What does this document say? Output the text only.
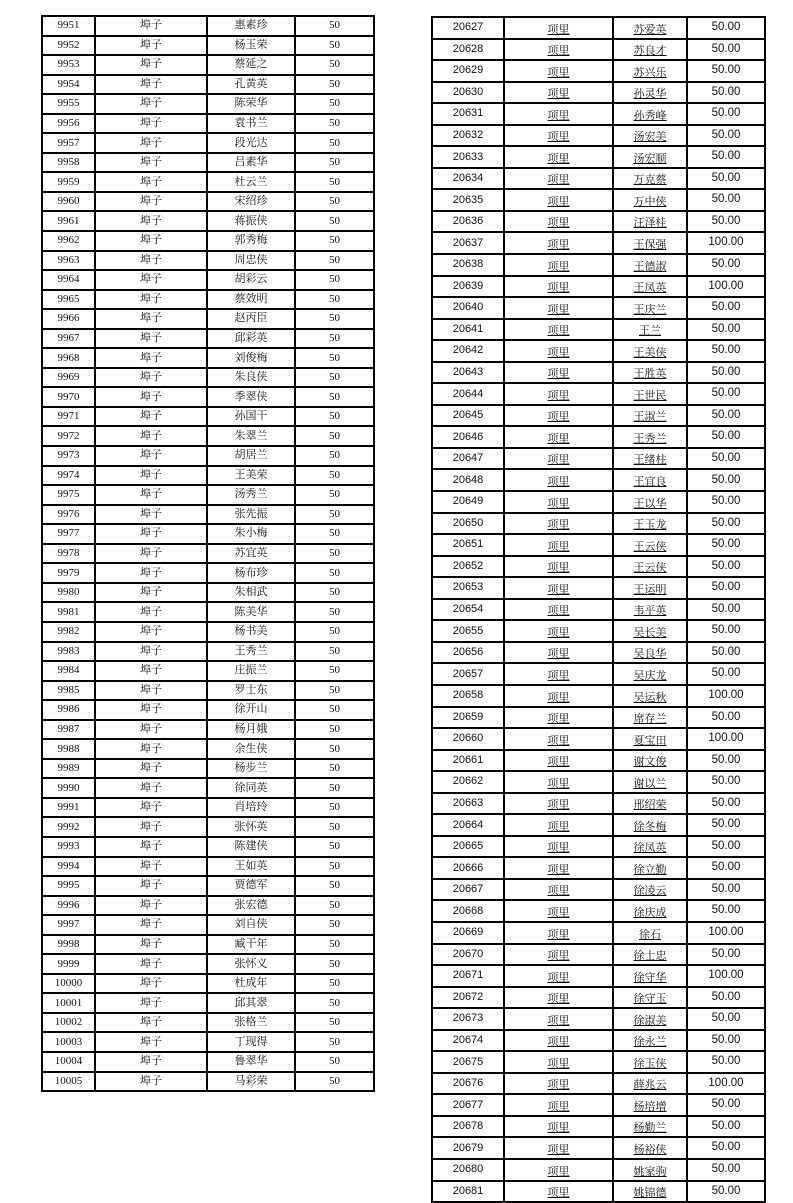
9951	埠子	惠素珍	50
9952	埠子	杨玉荣	50
9953	埠子	蔡延之	50
9954	埠子	孔黄英	50
9955	埠子	陈荣华	50
9956	埠子	袁书兰	50
9957	埠子	段光达	50
9958	埠子	吕素华	50
9959	埠子	杜云兰	50
9960	埠子	宋绍珍	50
9961	埠子	蒋振侠	50
9962	埠子	郭秀梅	50
9963	埠子	周忠侠	50
9964	埠子	胡彩云	50
9965	埠子	蔡效明	50
9966	埠子	赵丙臣	50
9967	埠子	邱彩英	50
9968	埠子	刘俊梅	50
9969	埠子	朱良侠	50
9970	埠子	季翠侠	50
9971	埠子	孙国干	50
9972	埠子	朱翠兰	50
9973	埠子	胡居兰	50
9974	埠子	王美荣	50
9975	埠子	汤秀兰	50
9976	埠子	张先振	50
9977	埠子	朱小梅	50
9978	埠子	苏宜英	50
9979	埠子	杨布珍	50
9980	埠子	朱相武	50
9981	埠子	陈美华	50
9982	埠子	杨书美	50
9983	埠子	王秀兰	50
9984	埠子	庄振兰	50
9985	埠子	罗士东	50
9986	埠子	徐开山	50
9987	埠子	杨月娥	50
9988	埠子	余生侠	50
9989	埠子	杨步兰	50
9990	埠子	徐同英	50
9991	埠子	肖培玲	50
9992	埠子	张怀英	50
9993	埠子	陈建侠	50
9994	埠子	王如英	50
9995	埠子	贾德军	50
9996	埠子	张宏德	50
9997	埠子	刘自侠	50
9998	埠子	臧干年	50
9999	埠子	张怀义	50
10000	埠子	杜成年	50
10001	埠子	邱其翠	50
10002	埠子	张格兰	50
10003	埠子	丁现得	50
10004	埠子	鲁翠华	50
10005	埠子	马彩荣	50
20627	项里	苏爱英	50.00
20628	项里	苏良才	50.00
20629	项里	苏兴乐	50.00
20630	项里	孙灵华	50.00
20631	项里	孙秀峰	50.00
20632	项里	汤宏美	50.00
20633	项里	汤宏顺	50.00
20634	项里	万克蔡	50.00
20635	项里	万中侠	50.00
20636	项里	汪泽桂	50.00
20637	项里	王保强	100.00
20638	项里	王德淑	50.00
20639	项里	王凤英	100.00
20640	项里	王庆兰	50.00
20641	项里	王兰	50.00
20642	项里	王美侠	50.00
20643	项里	王胜英	50.00
20644	项里	王世民	50.00
20645	项里	王淑兰	50.00
20646	项里	王秀兰	50.00
20647	项里	王绪柱	50.00
20648	项里	王宜良	50.00
20649	项里	王以华	50.00
20650	项里	王玉龙	50.00
20651	项里	王云侠	50.00
20652	项里	王云侠	50.00
20653	项里	王运明	50.00
20654	项里	韦平英	50.00
20655	项里	吴长美	50.00
20656	项里	吴良华	50.00
20657	项里	吴庆龙	50.00
20658	项里	吴运秋	100.00
20659	项里	席存兰	50.00
20660	项里	夏宝田	100.00
20661	项里	谢文俊	50.00
20662	项里	谢以兰	50.00
20663	项里	邢绍荣	50.00
20664	项里	徐冬梅	50.00
20665	项里	徐凤英	50.00
20666	项里	徐立勤	50.00
20667	项里	徐凌云	50.00
20668	项里	徐庆成	50.00
20669	项里	徐石	100.00
20670	项里	徐士忠	50.00
20671	项里	徐守华	100.00
20672	项里	徐守玉	50.00
20673	项里	徐淑美	50.00
20674	项里	徐永兰	50.00
20675	项里	徐玉侠	50.00
20676	项里	薛兆云	100.00
20677	项里	杨培增	50.00
20678	项里	杨勤兰	50.00
20679	项里	杨裕侠	50.00
20680	项里	姚家驹	50.00
20681	项里	姚锦德	50.00
